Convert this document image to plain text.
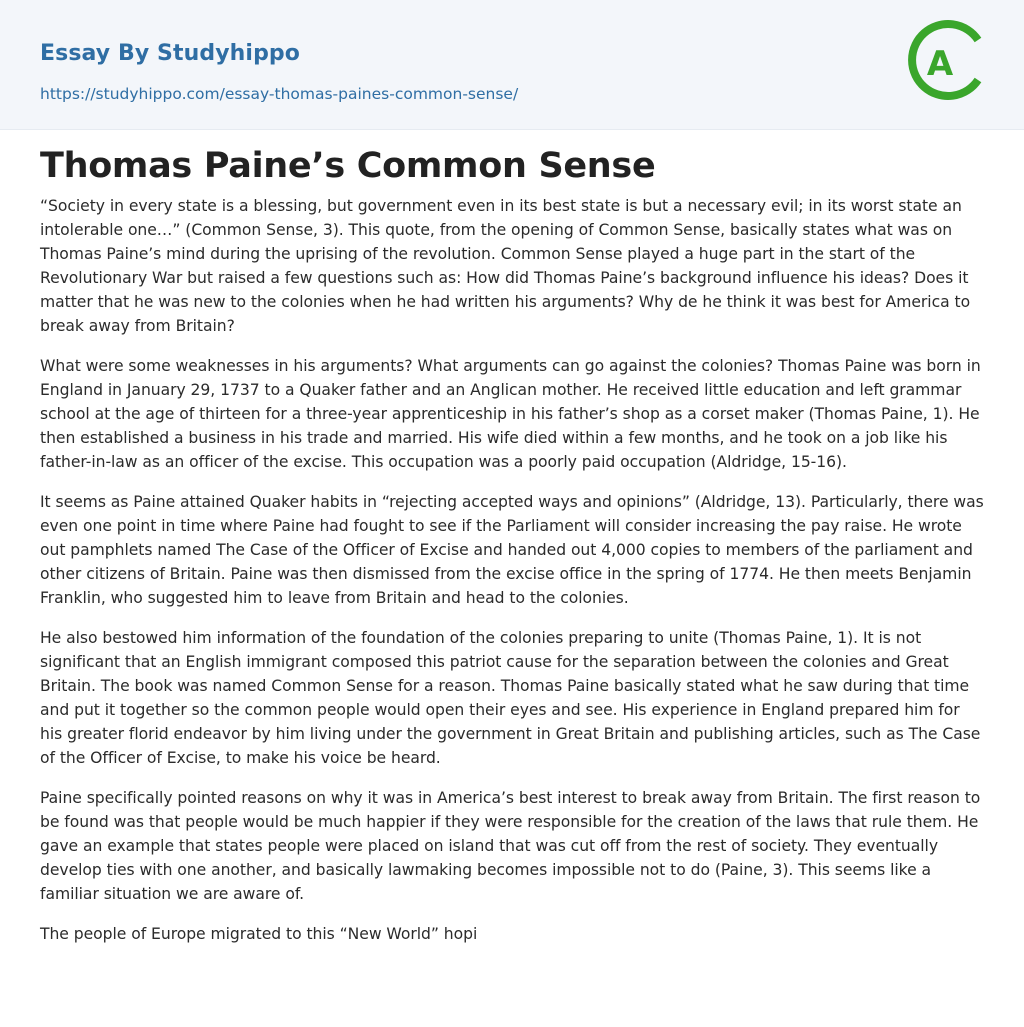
Essay By Studyhippo
https://studyhippo.com/essay-thomas-paines-common-sense/
A
Thomas Paine’s Common Sense

“Society in every state is a blessing, but government even in its best state is but a necessary evil; in its worst state an intolerable one…” (Common Sense, 3). This quote, from the opening of Common Sense, basically states what was on Thomas Paine’s mind during the uprising of the revolution. Common Sense played a huge part in the start of the Revolutionary War but raised a few questions such as: How did Thomas Paine’s background influence his ideas? Does it matter that he was new to the colonies when he had written his arguments? Why de he think it was best for America to break away from Britain?

What were some weaknesses in his arguments? What arguments can go against the colonies? Thomas Paine was born in England in January 29, 1737 to a Quaker father and an Anglican mother. He received little education and left grammar school at the age of thirteen for a three-year apprenticeship in his father’s shop as a corset maker (Thomas Paine, 1). He then established a business in his trade and married. His wife died within a few months, and he took on a job like his father-in-law as an officer of the excise. This occupation was a poorly paid occupation (Aldridge, 15-16).

It seems as Paine attained Quaker habits in “rejecting accepted ways and opinions” (Aldridge, 13). Particularly, there was even one point in time where Paine had fought to see if the Parliament will consider increasing the pay raise. He wrote out pamphlets named The Case of the Officer of Excise and handed out 4,000 copies to members of the parliament and other citizens of Britain. Paine was then dismissed from the excise office in the spring of 1774. He then meets Benjamin Franklin, who suggested him to leave from Britain and head to the colonies.

He also bestowed him information of the foundation of the colonies preparing to unite (Thomas Paine, 1). It is not significant that an English immigrant composed this patriot cause for the separation between the colonies and Great Britain. The book was named Common Sense for a reason. Thomas Paine basically stated what he saw during that time and put it together so the common people would open their eyes and see. His experience in England prepared him for his greater florid endeavor by him living under the government in Great Britain and publishing articles, such as The Case of the Officer of Excise, to make his voice be heard.

Paine specifically pointed reasons on why it was in America’s best interest to break away from Britain. The first reason to be found was that people would be much happier if they were responsible for the creation of the laws that rule them. He gave an example that states people were placed on island that was cut off from the rest of society. They eventually develop ties with one another, and basically lawmaking becomes impossible not to do (Paine, 3). This seems like a familiar situation we are aware of.

The people of Europe migrated to this “New World” hopi
